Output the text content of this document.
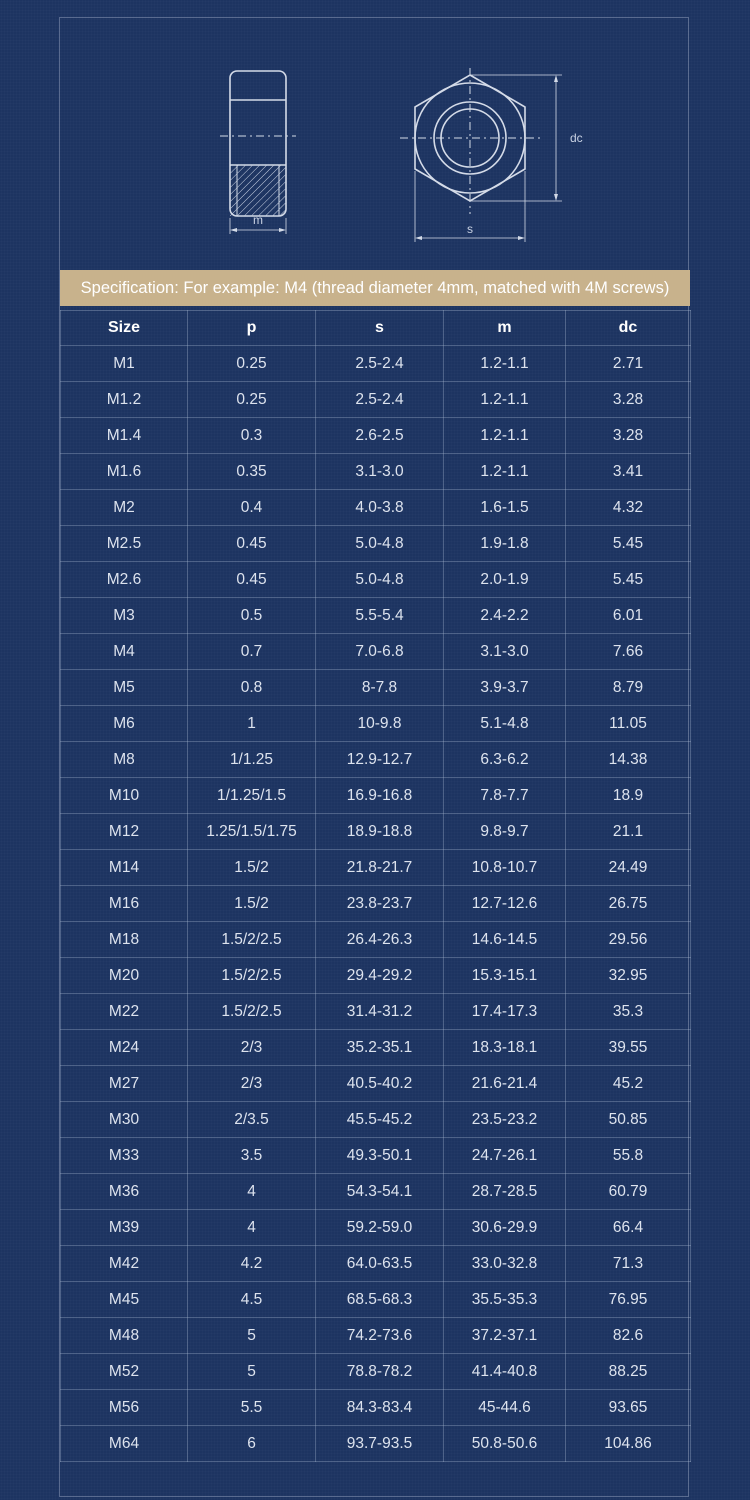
m
dc
s
Specification: For example: M4 (thread diameter 4mm, matched with 4M screws)
Size	p	s	m	dc
M1	0.25	2.5-2.4	1.2-1.1	2.71
M1.2	0.25	2.5-2.4	1.2-1.1	3.28
M1.4	0.3	2.6-2.5	1.2-1.1	3.28
M1.6	0.35	3.1-3.0	1.2-1.1	3.41
M2	0.4	4.0-3.8	1.6-1.5	4.32
M2.5	0.45	5.0-4.8	1.9-1.8	5.45
M2.6	0.45	5.0-4.8	2.0-1.9	5.45
M3	0.5	5.5-5.4	2.4-2.2	6.01
M4	0.7	7.0-6.8	3.1-3.0	7.66
M5	0.8	8-7.8	3.9-3.7	8.79
M6	1	10-9.8	5.1-4.8	11.05
M8	1/1.25	12.9-12.7	6.3-6.2	14.38
M10	1/1.25/1.5	16.9-16.8	7.8-7.7	18.9
M12	1.25/1.5/1.75	18.9-18.8	9.8-9.7	21.1
M14	1.5/2	21.8-21.7	10.8-10.7	24.49
M16	1.5/2	23.8-23.7	12.7-12.6	26.75
M18	1.5/2/2.5	26.4-26.3	14.6-14.5	29.56
M20	1.5/2/2.5	29.4-29.2	15.3-15.1	32.95
M22	1.5/2/2.5	31.4-31.2	17.4-17.3	35.3
M24	2/3	35.2-35.1	18.3-18.1	39.55
M27	2/3	40.5-40.2	21.6-21.4	45.2
M30	2/3.5	45.5-45.2	23.5-23.2	50.85
M33	3.5	49.3-50.1	24.7-26.1	55.8
M36	4	54.3-54.1	28.7-28.5	60.79
M39	4	59.2-59.0	30.6-29.9	66.4
M42	4.2	64.0-63.5	33.0-32.8	71.3
M45	4.5	68.5-68.3	35.5-35.3	76.95
M48	5	74.2-73.6	37.2-37.1	82.6
M52	5	78.8-78.2	41.4-40.8	88.25
M56	5.5	84.3-83.4	45-44.6	93.65
M64	6	93.7-93.5	50.8-50.6	104.86
